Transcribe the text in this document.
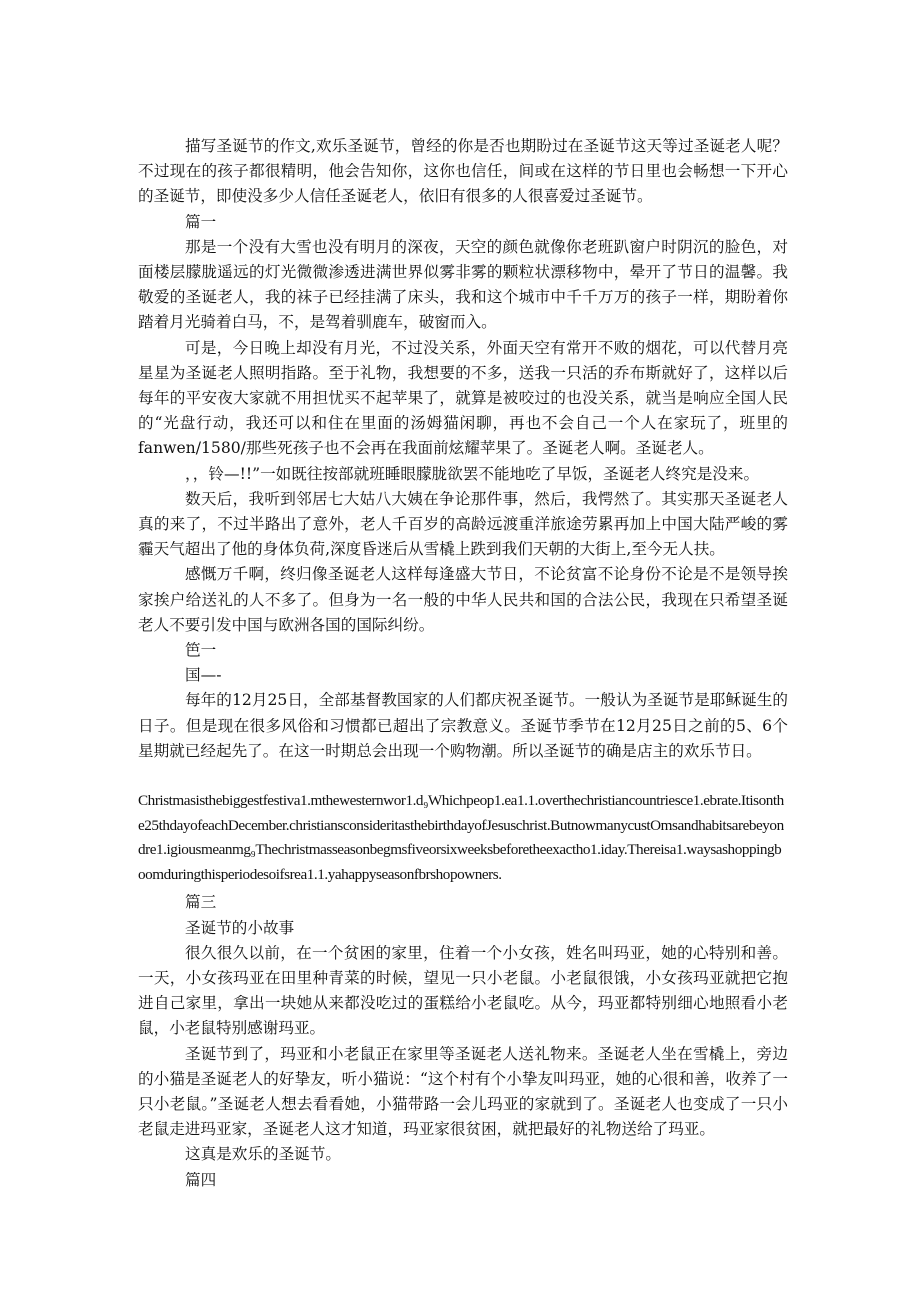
描写圣诞节的作文,欢乐圣诞节，曾经的你是否也期盼过在圣诞节这天等过圣诞老人呢？不过现在的孩子都很精明，他会告知你，这你也信任，间或在这样的节日里也会畅想一下开心的圣诞节，即使没多少人信任圣诞老人，依旧有很多的人很喜爱过圣诞节。

篇一

那是一个没有大雪也没有明月的深夜，天空的颜色就像你老班趴窗户时阴沉的脸色，对面楼层朦胧遥远的灯光微微渗透进满世界似雾非雾的颗粒状漂移物中，晕开了节日的温馨。我敬爱的圣诞老人，我的袜子已经挂满了床头，我和这个城市中千千万万的孩子一样，期盼着你踏着月光骑着白马，不，是驾着驯鹿车，破窗而入。

可是，今日晚上却没有月光，不过没关系，外面天空有常开不败的烟花，可以代替月亮星星为圣诞老人照明指路。至于礼物，我想要的不多，送我一只活的乔布斯就好了，这样以后每年的平安夜大家就不用担忧买不起苹果了，就算是被咬过的也没关系，就当是响应全国人民的“光盘行动，我还可以和住在里面的汤姆猫闲聊，再也不会自己一个人在家玩了，班里的fanwen/1580/那些死孩子也不会再在我面前炫耀苹果了。圣诞老人啊。圣诞老人。

，，铃—!!”一如既往按部就班睡眼朦胧欲罢不能地吃了早饭，圣诞老人终究是没来。

数天后，我听到邻居七大姑八大姨在争论那件事，然后，我愕然了。其实那天圣诞老人真的来了，不过半路出了意外，老人千百岁的高龄远渡重洋旅途劳累再加上中国大陆严峻的雾霾天气超出了他的身体负荷,深度昏迷后从雪橇上跌到我们天朝的大街上,至今无人扶。

感慨万千啊，终归像圣诞老人这样每逢盛大节日，不论贫富不论身份不论是不是领导挨家挨户给送礼的人不多了。但身为一名一般的中华人民共和国的合法公民，我现在只希望圣诞老人不要引发中国与欧洲各国的国际纠纷。

笆一

国—-

每年的12月25日，全部基督教国家的人们都庆祝圣诞节。一般认为圣诞节是耶稣诞生的日子。但是现在很多风俗和习惯都已超出了宗教意义。圣诞节季节在12月25日之前的5、6个星期就已经起先了。在这一时期总会出现一个购物潮。所以圣诞节的确是店主的欢乐节日。

Christmasisthebiggestfestiva1.mthewesternwor1.d₉Whichpeop1.ea1.1.overthechristiancountriesce1.ebrate.Itisonthe25thdayofeachDecember.christiansconsideritasthebirthdayofJesuschrist.ButnowmanycustOmsandhabitsarebeyondre1.igiousmeanmg₉Thechristmasseasonbegmsfiveorsixweeksbeforetheexactho1.iday.Thereisa1.waysashoppingboomduringthisperiodesoifsrea1.1.yahappyseasonfbrshopowners.

篇三

圣诞节的小故事

很久很久以前，在一个贫困的家里，住着一个小女孩，姓名叫玛亚，她的心特别和善。一天，小女孩玛亚在田里种青菜的时候，望见一只小老鼠。小老鼠很饿，小女孩玛亚就把它抱进自己家里，拿出一块她从来都没吃过的蛋糕给小老鼠吃。从今，玛亚都特别细心地照看小老鼠，小老鼠特别感谢玛亚。

圣诞节到了，玛亚和小老鼠正在家里等圣诞老人送礼物来。圣诞老人坐在雪橇上，旁边的小猫是圣诞老人的好挚友，听小猫说：“这个村有个小挚友叫玛亚，她的心很和善，收养了一只小老鼠。”圣诞老人想去看看她，小猫带路一会儿玛亚的家就到了。圣诞老人也变成了一只小老鼠走进玛亚家，圣诞老人这才知道，玛亚家很贫困，就把最好的礼物送给了玛亚。

这真是欢乐的圣诞节。

篇四
